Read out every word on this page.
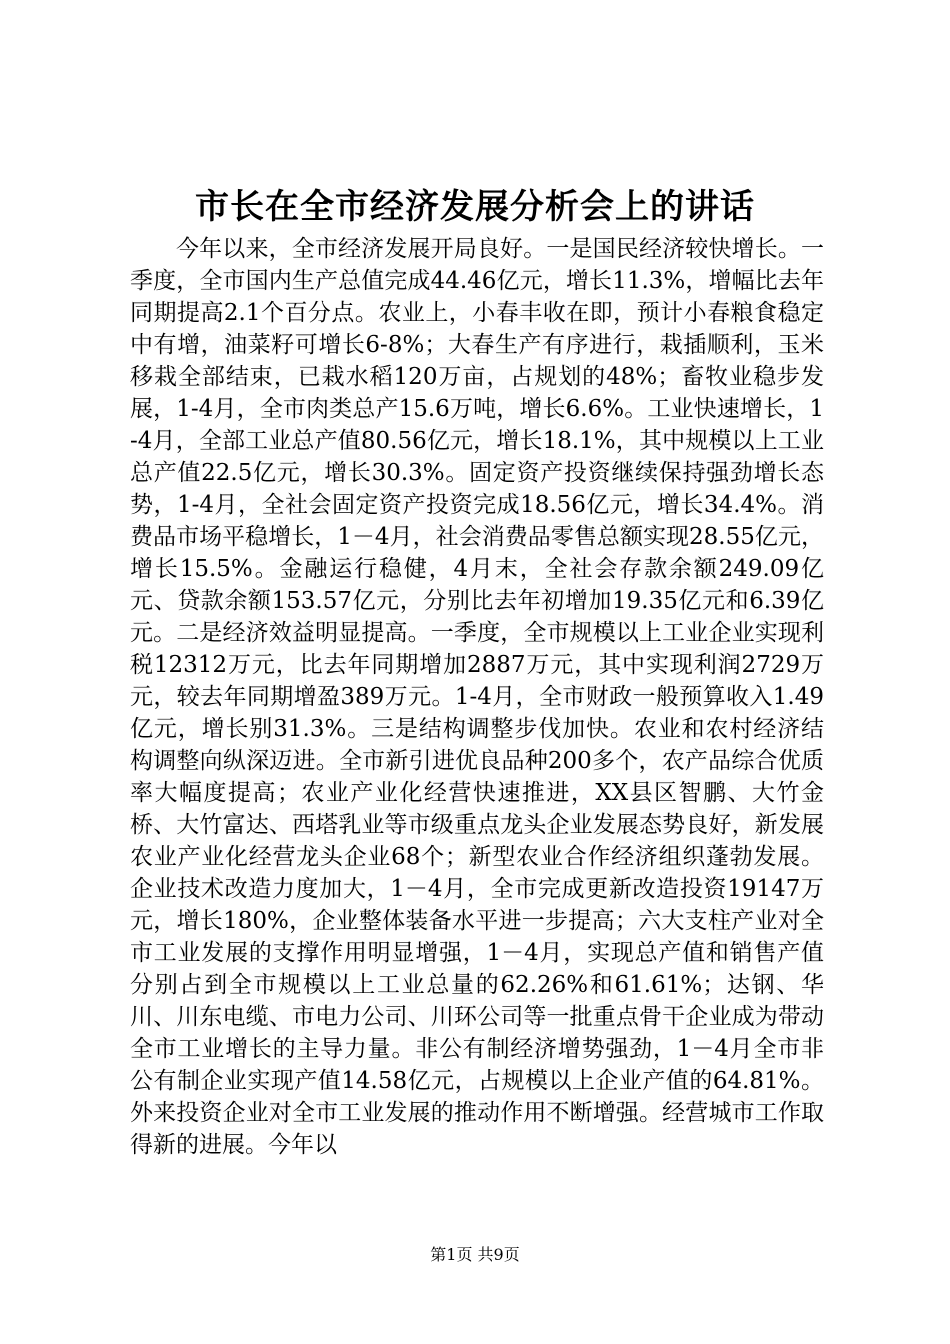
市长在全市经济发展分析会上的讲话

今年以来，全市经济发展开局良好。一是国民经济较快增长。一季度，全市国内生产总值完成44.46亿元，增长11.3%，增幅比去年同期提高2.1个百分点。农业上，小春丰收在即，预计小春粮食稳定中有增，油菜籽可增长6-8%；大春生产有序进行，栽插顺利，玉米移栽全部结束，已栽水稻120万亩，占规划的48%；畜牧业稳步发展，1-4月，全市肉类总产15.6万吨，增长6.6%。工业快速增长，1-4月，全部工业总产值80.56亿元，增长18.1%，其中规模以上工业总产值22.5亿元，增长30.3%。固定资产投资继续保持强劲增长态势，1-4月，全社会固定资产投资完成18.56亿元，增长34.4%。消费品市场平稳增长，1－4月，社会消费品零售总额实现28.55亿元，增长15.5%。金融运行稳健，4月末，全社会存款余额249.09亿元、贷款余额153.57亿元，分别比去年初增加19.35亿元和6.39亿元。二是经济效益明显提高。一季度，全市规模以上工业企业实现利税12312万元，比去年同期增加2887万元，其中实现利润2729万元，较去年同期增盈389万元。1-4月，全市财政一般预算收入1.49亿元，增长别31.3%。三是结构调整步伐加快。农业和农村经济结构调整向纵深迈进。全市新引进优良品种200多个，农产品综合优质率大幅度提高；农业产业化经营快速推进，XX县区智鹏、大竹金桥、大竹富达、西塔乳业等市级重点龙头企业发展态势良好，新发展农业产业化经营龙头企业68个；新型农业合作经济组织蓬勃发展。企业技术改造力度加大，1－4月，全市完成更新改造投资19147万元，增长180%，企业整体装备水平进一步提高；六大支柱产业对全市工业发展的支撑作用明显增强，1－4月，实现总产值和销售产值分别占到全市规模以上工业总量的62.26%和61.61%；达钢、华川、川东电缆、市电力公司、川环公司等一批重点骨干企业成为带动全市工业增长的主导力量。非公有制经济增势强劲，1－4月全市非公有制企业实现产值14.58亿元，占规模以上企业产值的64.81%。外来投资企业对全市工业发展的推动作用不断增强。经营城市工作取得新的进展。今年以

第1页 共9页
